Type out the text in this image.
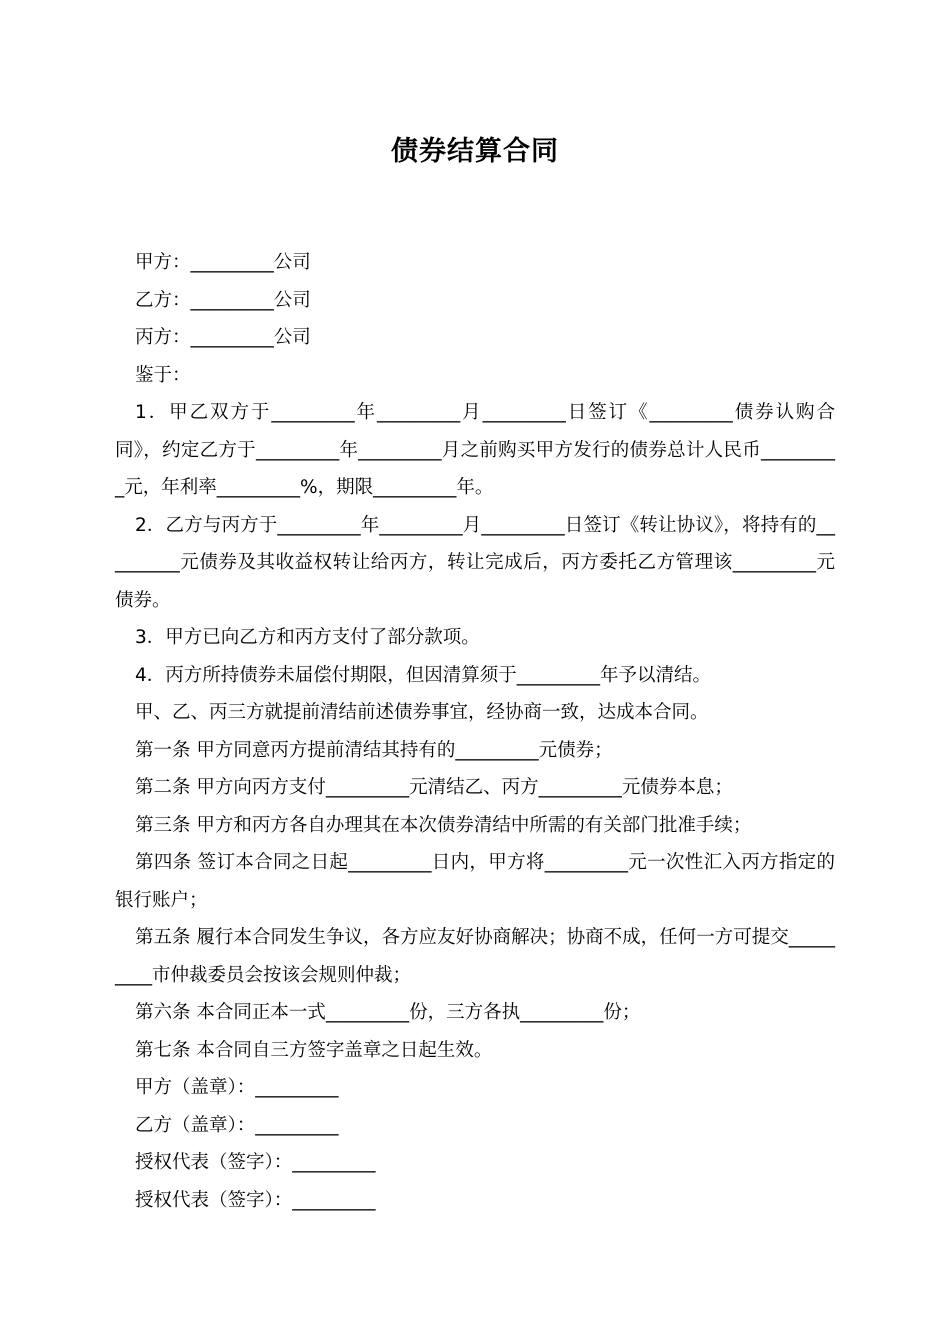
债券结算合同

甲方：_________公司

乙方：_________公司

丙方：_________公司

鉴于：

1．甲乙双方于_________年_________月_________日签订《_________债券认购合同》，约定乙方于_________年_________月之前购买甲方发行的债券总计人民币_________元，年利率_________%，期限_________年。

2．乙方与丙方于_________年_________月_________日签订《转让协议》，将持有的_________元债券及其收益权转让给丙方，转让完成后，丙方委托乙方管理该_________元债券。

3．甲方已向乙方和丙方支付了部分款项。

4．丙方所持债券未届偿付期限，但因清算须于_________年予以清结。

甲、乙、丙三方就提前清结前述债券事宜，经协商一致，达成本合同。

第一条 甲方同意丙方提前清结其持有的_________元债券；

第二条 甲方向丙方支付_________元清结乙、丙方_________元债券本息；

第三条 甲方和丙方各自办理其在本次债券清结中所需的有关部门批准手续；

第四条 签订本合同之日起_________日内，甲方将_________元一次性汇入丙方指定的银行账户；

第五条 履行本合同发生争议，各方应友好协商解决；协商不成，任何一方可提交_________市仲裁委员会按该会规则仲裁；

第六条 本合同正本一式_________份，三方各执_________份；

第七条 本合同自三方签字盖章之日起生效。

甲方（盖章）：_________

乙方（盖章）：_________

授权代表（签字）：_________

授权代表（签字）：_________
